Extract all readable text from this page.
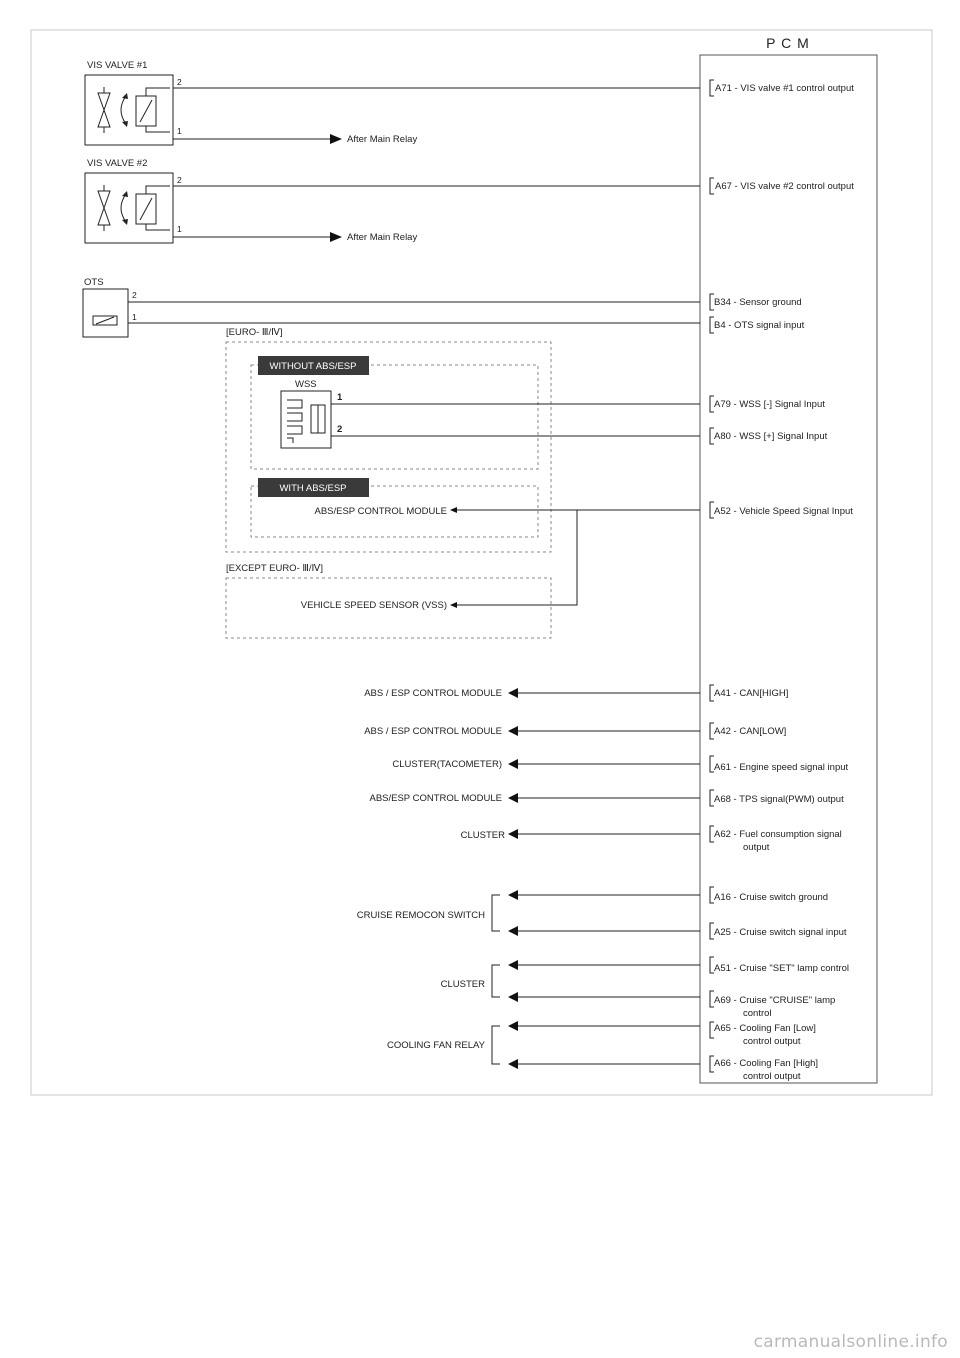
P C M
VIS VALVE #1
2
1
After Main Relay
A71 - VIS valve #1 control output
VIS VALVE #2
2
1
After Main Relay
A67 - VIS valve #2 control output
OTS
2
1
B34 - Sensor ground
B4 - OTS signal input
[EURO- Ⅲ/Ⅳ]
WITHOUT ABS/ESP
WSS
1
2
A79 - WSS [-] Signal Input
A80 - WSS [+] Signal Input
WITH ABS/ESP
ABS/ESP CONTROL MODULE	A52 - Vehicle Speed Signal Input
[EXCEPT EURO- Ⅲ/Ⅳ]
VEHICLE SPEED SENSOR (VSS)
ABS / ESP CONTROL MODULE	A41 - CAN[HIGH]
ABS / ESP CONTROL MODULE	A42 - CAN[LOW]
CLUSTER(TACOMETER)	A61 - Engine speed signal input
ABS/ESP CONTROL MODULE	A68 - TPS signal(PWM) output
CLUSTER	A62 - Fuel consumption signal
output
CRUISE REMOCON SWITCH
A16 - Cruise switch ground
A25 - Cruise switch signal input
CLUSTER
A51 - Cruise "SET" lamp control
A69 - Cruise "CRUISE" lamp
control
COOLING FAN RELAY
A65 - Cooling Fan [Low]
control output
A66 - Cooling Fan [High]
control output
carmanualsonline.info
